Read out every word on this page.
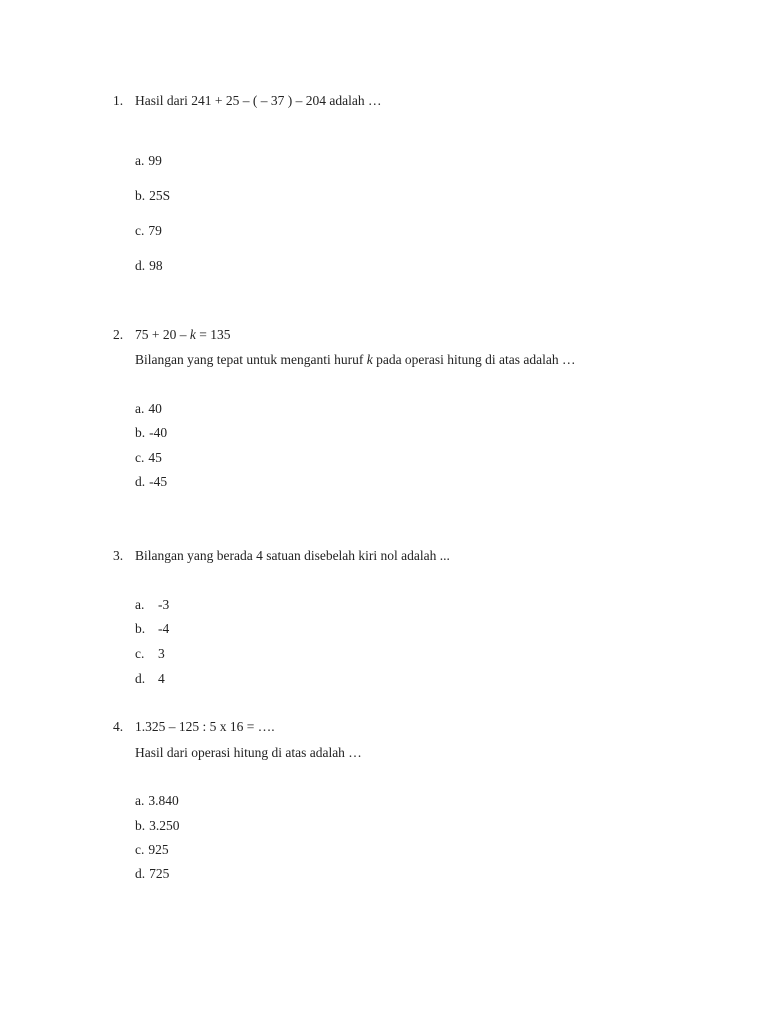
1. Hasil dari 241 + 25 – ( – 37 ) – 204 adalah …
a. 99
b. 25S
c. 79
d. 98
2. 75 + 20 – k = 135
Bilangan yang tepat untuk menganti huruf k pada operasi hitung di atas adalah …
a. 40
b. -40
c. 45
d. -45
3. Bilangan yang berada 4 satuan disebelah kiri nol adalah ...
a. -3
b. -4
c. 3
d. 4
4. 1.325 – 125 : 5 x 16 = ….
Hasil dari operasi hitung di atas adalah …
a. 3.840
b. 3.250
c. 925
d. 725
